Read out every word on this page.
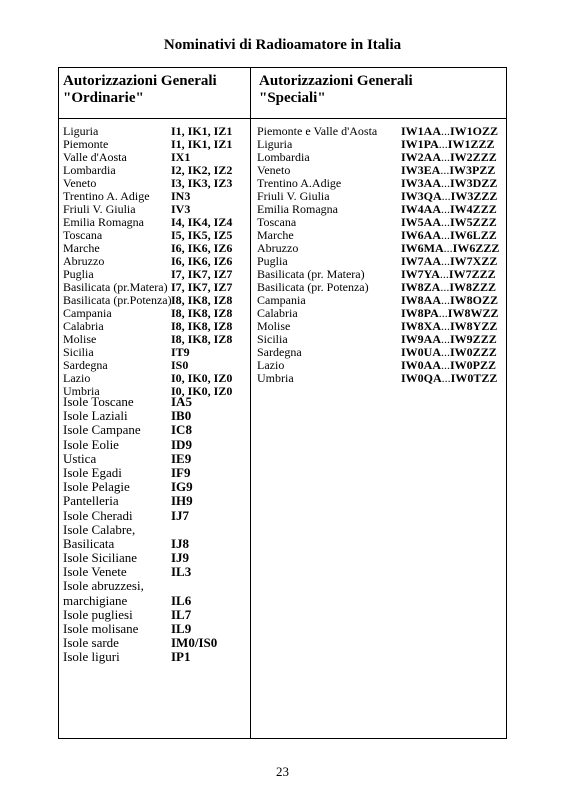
Nominativi di Radioamatore in Italia
Autorizzazioni Generali
"Ordinarie"
Autorizzazioni Generali
"Speciali"
Liguria	I1, IK1, IZ1
Piemonte	I1, IK1, IZ1
Valle d'Aosta	IX1
Lombardia	I2, IK2, IZ2
Veneto	I3, IK3, IZ3
Trentino A. Adige IN3
Friuli V. Giulia	IV3
Emilia Romagna I4, IK4, IZ4
Toscana	I5, IK5, IZ5
Marche	I6, IK6, IZ6
Abruzzo	I6, IK6, IZ6
Puglia	I7, IK7, IZ7
Basilicata (pr.Matera) I7, IK7, IZ7
Basilicata (pr.Potenza) I8, IK8, IZ8
Campania	I8, IK8, IZ8
Calabria	I8, IK8, IZ8
Molise	I8, IK8, IZ8
Sicilia	IT9
Sardegna	IS0
Lazio	I0, IK0, IZ0
Umbria	I0, IK0, IZ0
Isole Toscane	IA5
Isole Laziali	IB0
Isole Campane IC8
Isole Eolie	ID9
Ustica	IE9
Isole Egadi	IF9
Isole Pelagie	IG9
Pantelleria	IH9
Isole Cheradi	IJ7
Isole Calabre,
Basilicata	IJ8
Isole Siciliane	IJ9
Isole Venete	IL3
Isole abruzzesi,
marchigiane	IL6
Isole pugliesi	IL7
Isole molisane	IL9
Isole sarde	IM0/IS0
Isole liguri	IP1
Piemonte e Valle d'Aosta IW1AA...IW1OZZ
Liguria	IW1PA...IW1ZZZ
Lombardia	IW2AA...IW2ZZZ
Veneto	IW3EA...IW3PZZ
Trentino A.Adige	IW3AA...IW3DZZ
Friuli V. Giulia	IW3QA...IW3ZZZ
Emilia Romagna	IW4AA...IW4ZZZ
Toscana	IW5AA...IW5ZZZ
Marche	IW6AA...IW6LZZ
Abruzzo	IW6MA...IW6ZZZ
Puglia	IW7AA...IW7XZZ
Basilicata (pr. Matera)	IW7YA...IW7ZZZ
Basilicata (pr. Potenza)	IW8ZA...IW8ZZZ
Campania	IW8AA...IW8OZZ
Calabria	IW8PA...IW8WZZ
Molise	IW8XA...IW8YZZ
Sicilia	IW9AA...IW9ZZZ
Sardegna	IW0UA...IW0ZZZ
Lazio	IW0AA...IW0PZZ
Umbria	IW0QA...IW0TZZ
23
